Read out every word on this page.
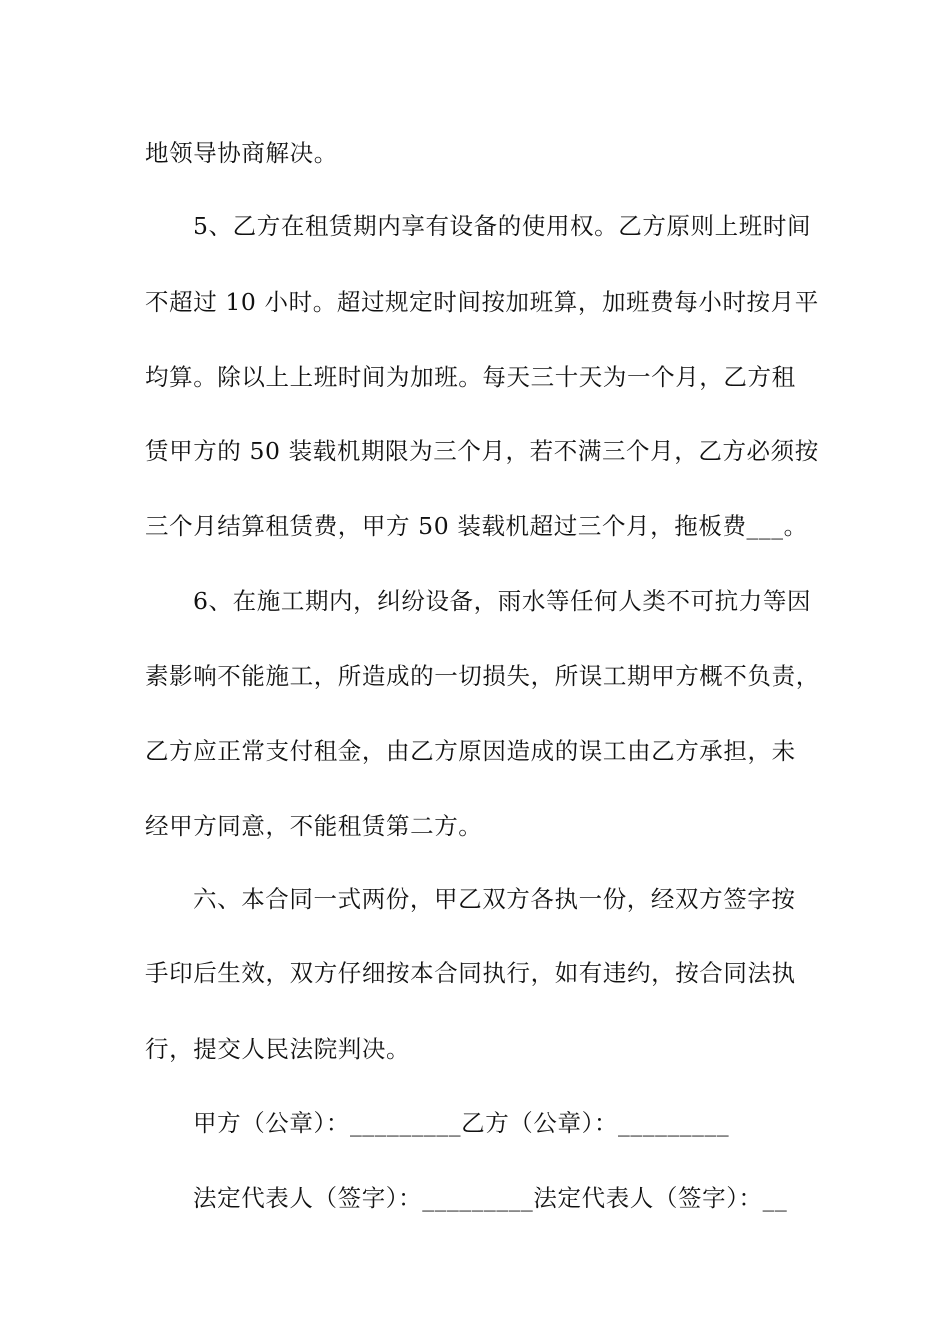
地领导协商解决。
5、乙方在租赁期内享有设备的使用权。乙方原则上班时间
不超过 10 小时。超过规定时间按加班算，加班费每小时按月平
均算。除以上上班时间为加班。每天三十天为一个月，乙方租
赁甲方的 50 装载机期限为三个月，若不满三个月，乙方必须按
三个月结算租赁费，甲方 50 装载机超过三个月，拖板费___。
6、在施工期内，纠纷设备，雨水等任何人类不可抗力等因
素影响不能施工，所造成的一切损失，所误工期甲方概不负责，
乙方应正常支付租金，由乙方原因造成的误工由乙方承担，未
经甲方同意，不能租赁第二方。
六、本合同一式两份，甲乙双方各执一份，经双方签字按
手印后生效，双方仔细按本合同执行，如有违约，按合同法执
行，提交人民法院判决。
甲方（公章）：_________乙方（公章）：_________
法定代表人（签字）：_________法定代表人（签字）：__
